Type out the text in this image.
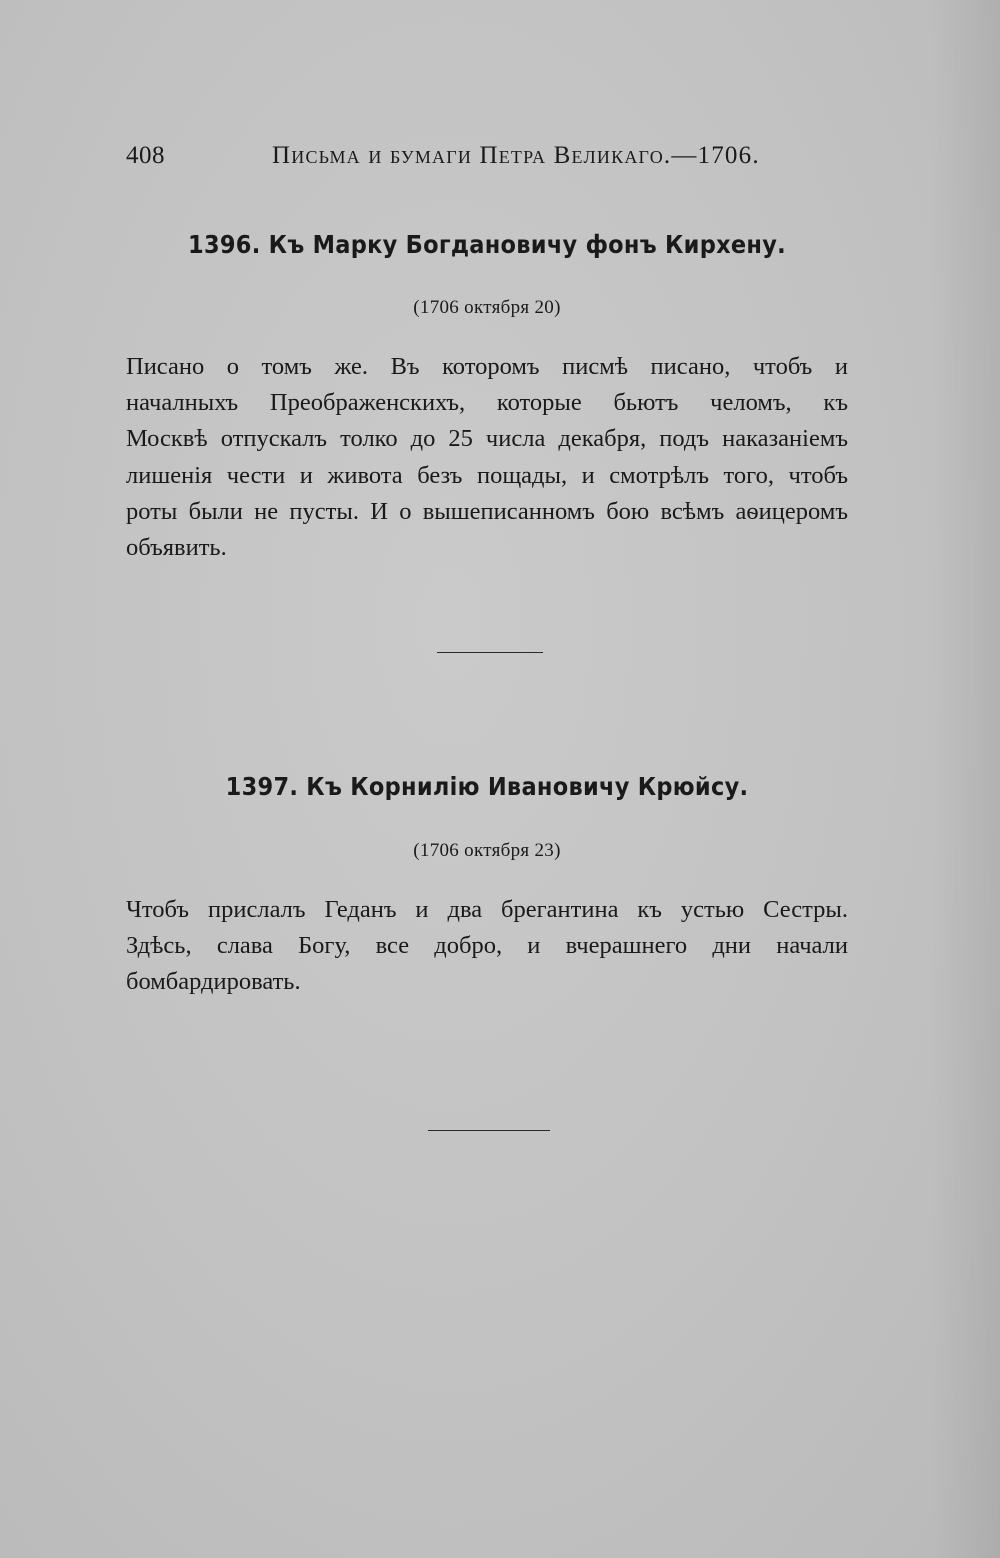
408	Письма и бумаги Петра Великаго.—1706.
1396. Къ Марку Богдановичу фонъ Кирхену.
(1706 октября 20)
Писано о томъ же. Въ которомъ писмѣ писано, чтобъ и
началныхъ Преображенскихъ, которые бьютъ челомъ, къ
Москвѣ отпускалъ толко до 25 числа декабря, подъ наказаніемъ
лишенія чести и живота безъ пощады, и смотрѣлъ того, чтобъ
роты были не пусты. И о вышеписанномъ бою всѣмъ аѳицеромъ
объявить.
1397. Къ Корнилію Ивановичу Крюйсу.
(1706 октября 23)
Чтобъ прислалъ Геданъ и два брегантина къ устью Сестры.
Здѣсь, слава Богу, все добро, и вчерашнего дни начали
бомбардировать.
